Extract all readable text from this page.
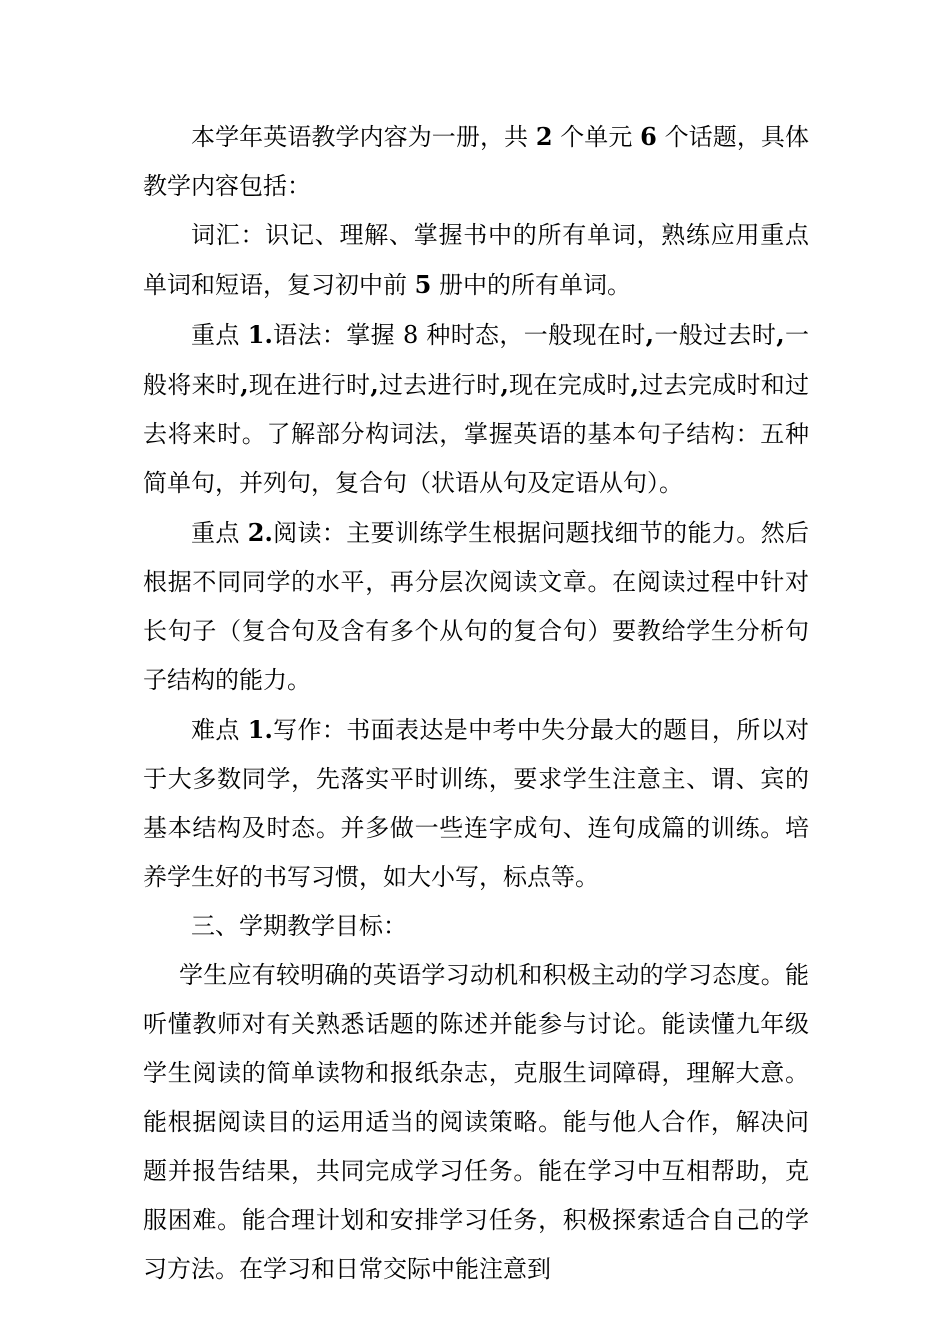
本学年英语教学内容为一册，共 2 个单元 6 个话题，具体教学内容包括：

词汇：识记、理解、掌握书中的所有单词，熟练应用重点单词和短语，复习初中前 5 册中的所有单词。

重点 1.语法：掌握 8 种时态，一般现在时,一般过去时,一般将来时,现在进行时,过去进行时,现在完成时,过去完成时和过去将来时。了解部分构词法，掌握英语的基本句子结构：五种简单句，并列句，复合句（状语从句及定语从句）。

重点 2.阅读：主要训练学生根据问题找细节的能力。然后根据不同同学的水平，再分层次阅读文章。在阅读过程中针对长句子（复合句及含有多个从句的复合句）要教给学生分析句子结构的能力。

难点 1.写作：书面表达是中考中失分最大的题目，所以对于大多数同学，先落实平时训练，要求学生注意主、谓、宾的基本结构及时态。并多做一些连字成句、连句成篇的训练。培养学生好的书写习惯，如大小写，标点等。

三、学期教学目标：

学生应有较明确的英语学习动机和积极主动的学习态度。能听懂教师对有关熟悉话题的陈述并能参与讨论。能读懂九年级学生阅读的简单读物和报纸杂志，克服生词障碍，理解大意。能根据阅读目的运用适当的阅读策略。能与他人合作，解决问题并报告结果，共同完成学习任务。能在学习中互相帮助，克服困难。能合理计划和安排学习任务，积极探索适合自己的学习方法。在学习和日常交际中能注意到
